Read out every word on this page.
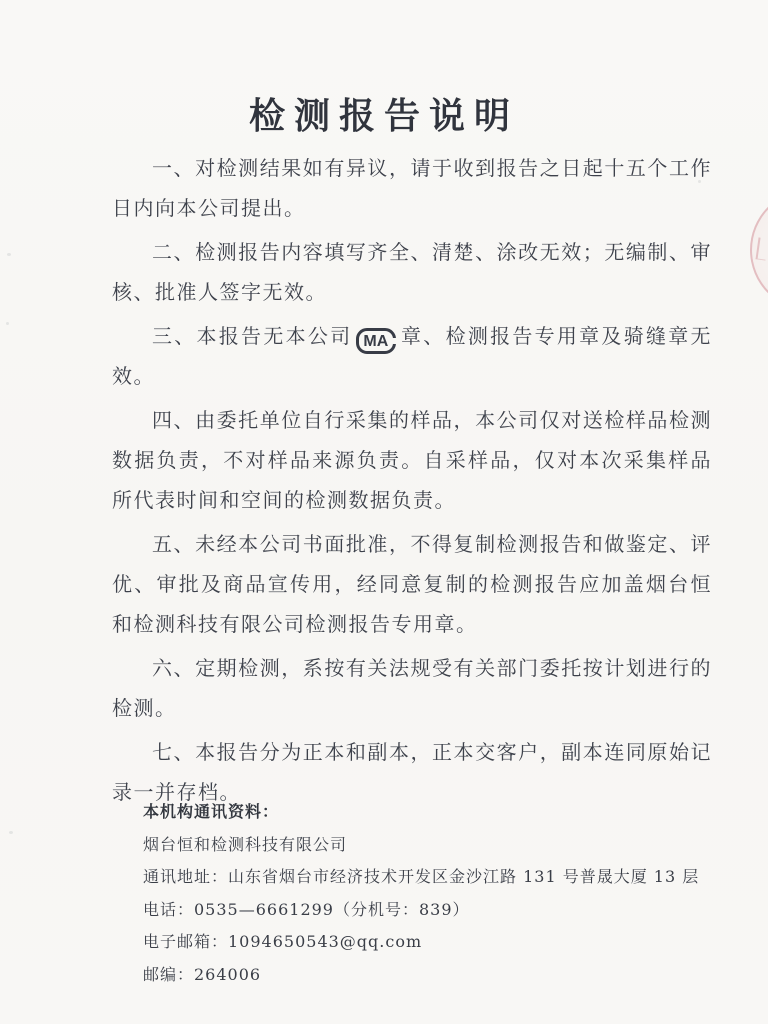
检测报告说明

一、对检测结果如有异议，请于收到报告之日起十五个工作日内向本公司提出。

二、检测报告内容填写齐全、清楚、涂改无效；无编制、审核、批准人签字无效。

三、本报告无本公司 MA 章、检测报告专用章及骑缝章无效。

四、由委托单位自行采集的样品，本公司仅对送检样品检测数据负责，不对样品来源负责。自采样品，仅对本次采集样品所代表时间和空间的检测数据负责。

五、未经本公司书面批准，不得复制检测报告和做鉴定、评优、审批及商品宣传用，经同意复制的检测报告应加盖烟台恒和检测科技有限公司检测报告专用章。

六、定期检测，系按有关法规受有关部门委托按计划进行的检测。

七、本报告分为正本和副本，正本交客户，副本连同原始记录一并存档。

本机构通讯资料：

烟台恒和检测科技有限公司

通讯地址：山东省烟台市经济技术开发区金沙江路 131 号普晟大厦 13 层

电话：0535—6661299（分机号：839）

电子邮箱：1094650543@qq.com

邮编：264006
